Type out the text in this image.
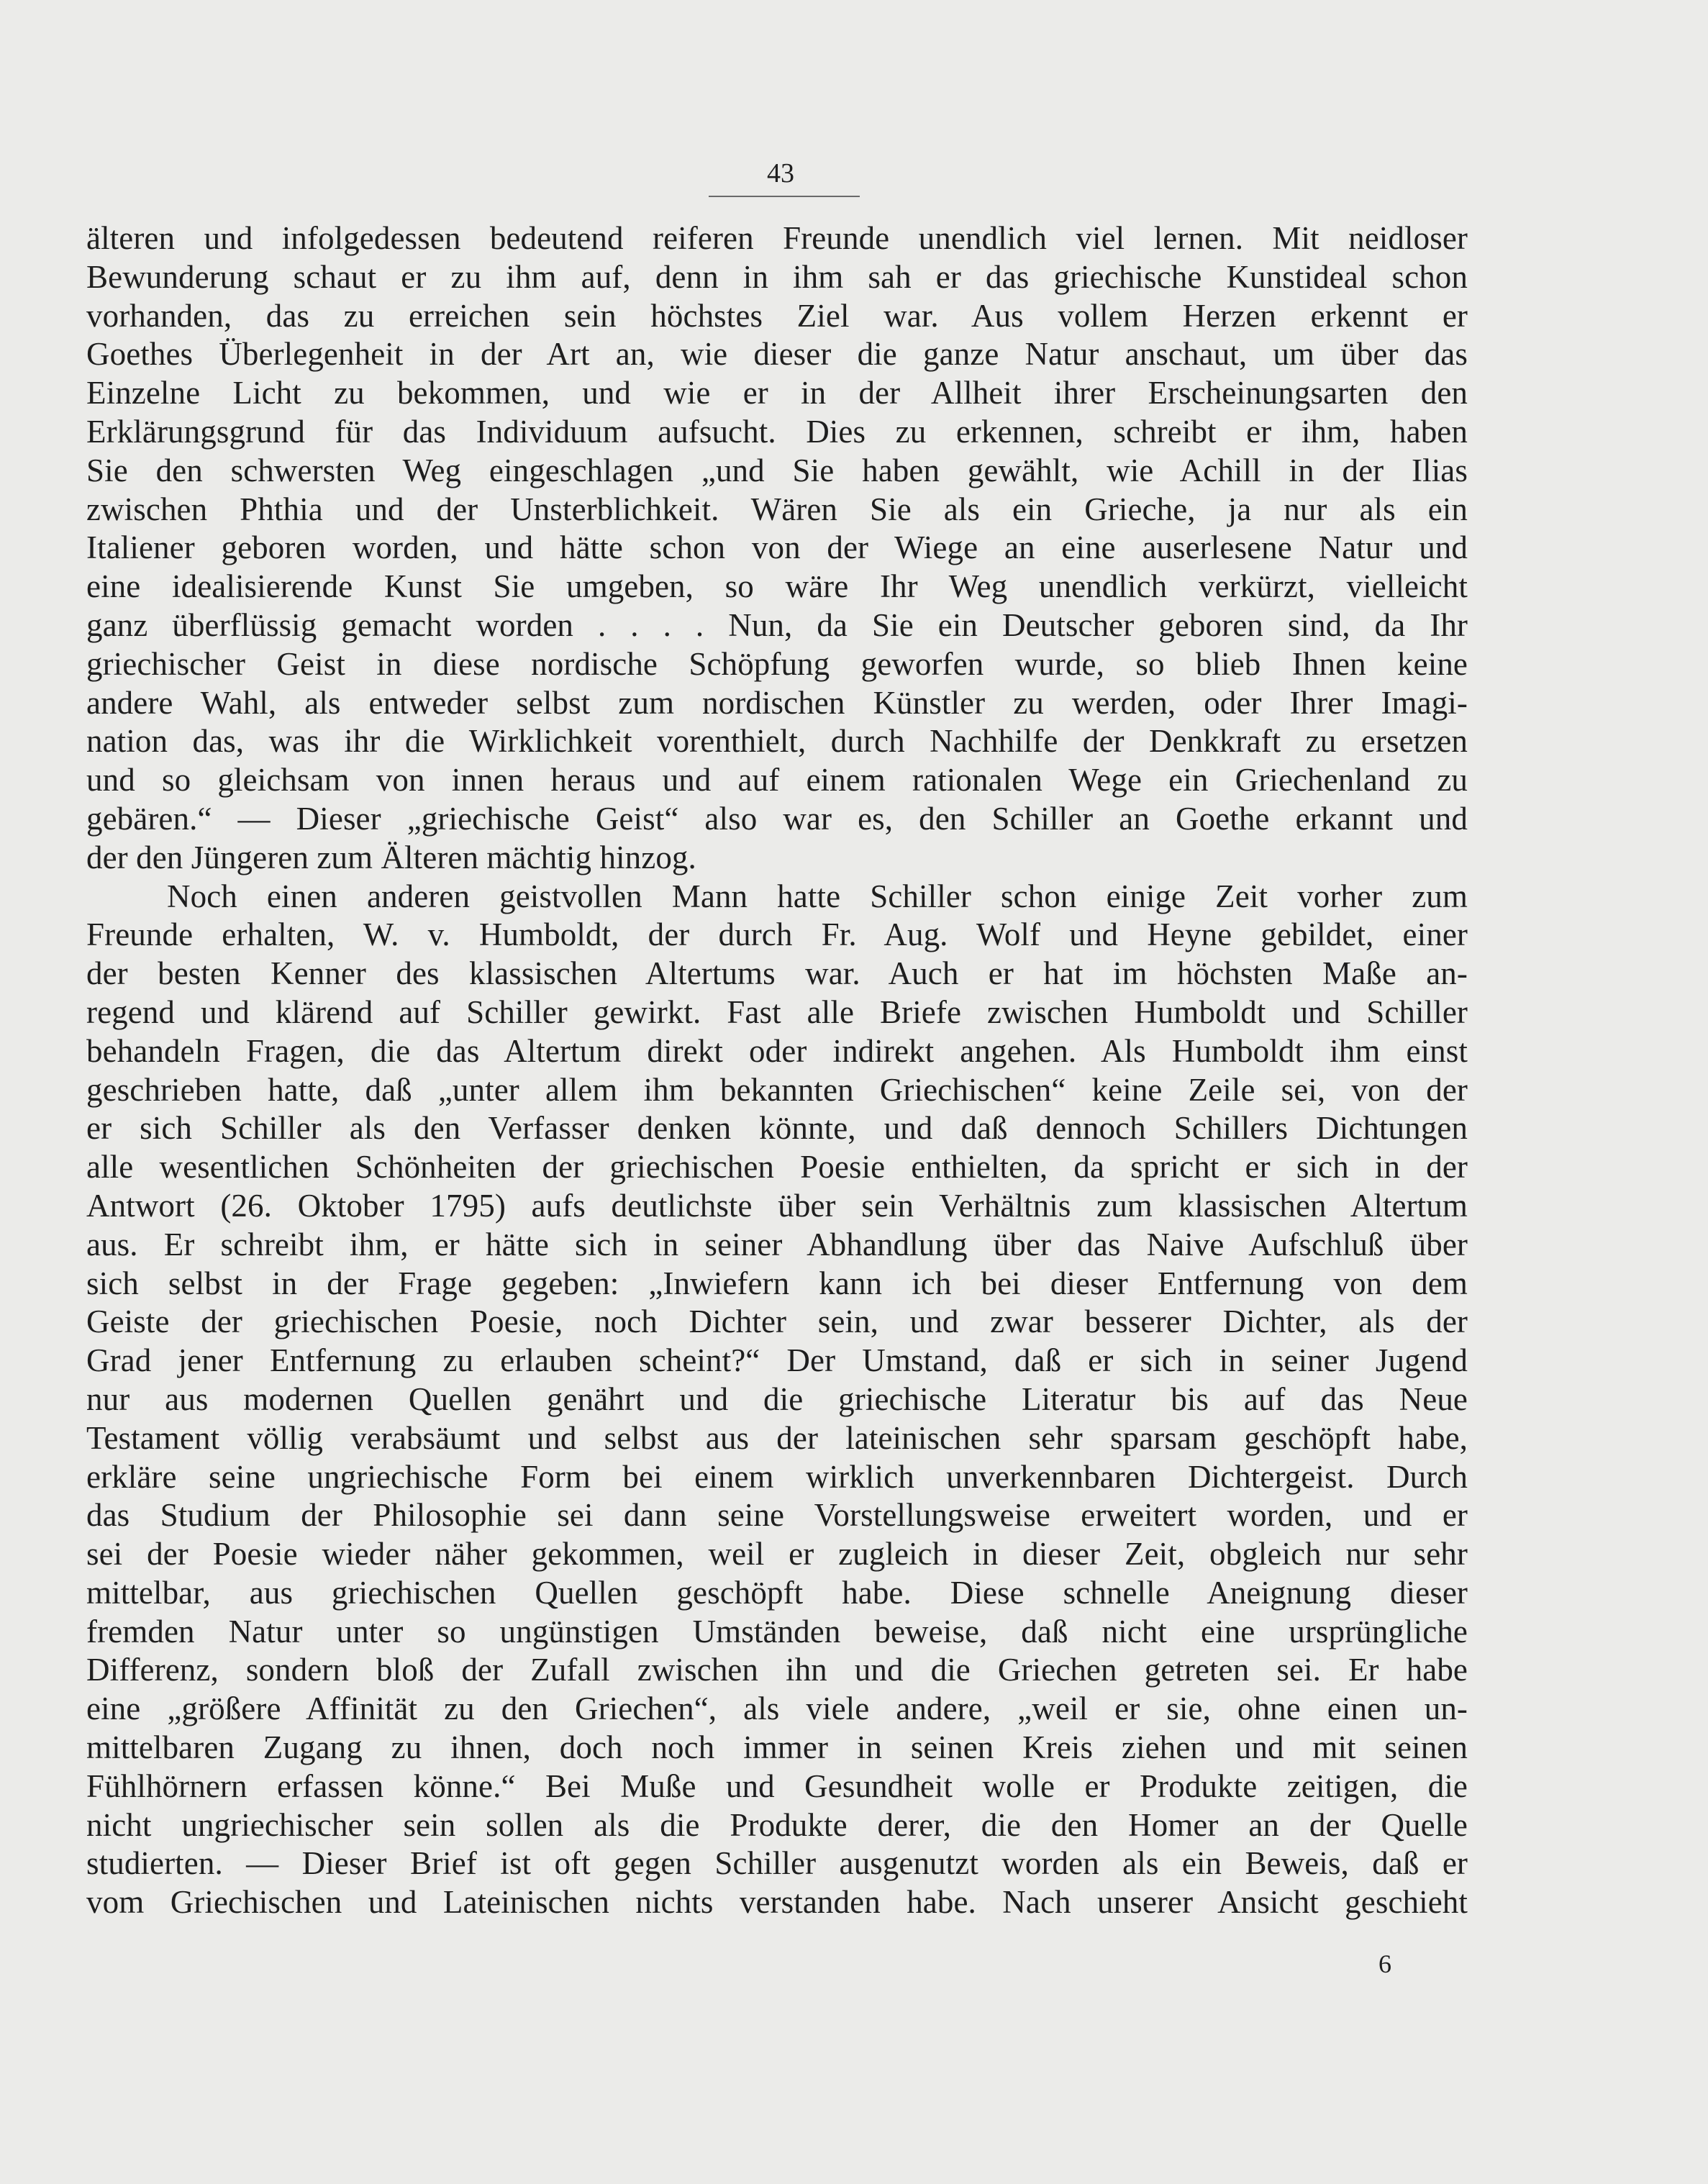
43
älteren und infolgedessen bedeutend reiferen Freunde unendlich viel lernen. Mit neidloser
Bewunderung schaut er zu ihm auf, denn in ihm sah er das griechische Kunstideal schon
vorhanden, das zu erreichen sein höchstes Ziel war. Aus vollem Herzen erkennt er
Goethes Überlegenheit in der Art an, wie dieser die ganze Natur anschaut, um über das
Einzelne Licht zu bekommen, und wie er in der Allheit ihrer Erscheinungsarten den
Erklärungsgrund für das Individuum aufsucht. Dies zu erkennen, schreibt er ihm, haben
Sie den schwersten Weg eingeschlagen „und Sie haben gewählt, wie Achill in der Ilias
zwischen Phthia und der Unsterblichkeit. Wären Sie als ein Grieche, ja nur als ein
Italiener geboren worden, und hätte schon von der Wiege an eine auserlesene Natur und
eine idealisierende Kunst Sie umgeben, so wäre Ihr Weg unendlich verkürzt, vielleicht
ganz überflüssig gemacht worden . . . . Nun, da Sie ein Deutscher geboren sind, da Ihr
griechischer Geist in diese nordische Schöpfung geworfen wurde, so blieb Ihnen keine
andere Wahl, als entweder selbst zum nordischen Künstler zu werden, oder Ihrer Imagi-
nation das, was ihr die Wirklichkeit vorenthielt, durch Nachhilfe der Denkkraft zu ersetzen
und so gleichsam von innen heraus und auf einem rationalen Wege ein Griechenland zu
gebären.“ — Dieser „griechische Geist“ also war es, den Schiller an Goethe erkannt und
der den Jüngeren zum Älteren mächtig hinzog.
Noch einen anderen geistvollen Mann hatte Schiller schon einige Zeit vorher zum
Freunde erhalten, W. v. Humboldt, der durch Fr. Aug. Wolf und Heyne gebildet, einer
der besten Kenner des klassischen Altertums war. Auch er hat im höchsten Maße an-
regend und klärend auf Schiller gewirkt. Fast alle Briefe zwischen Humboldt und Schiller
behandeln Fragen, die das Altertum direkt oder indirekt angehen. Als Humboldt ihm einst
geschrieben hatte, daß „unter allem ihm bekannten Griechischen“ keine Zeile sei, von der
er sich Schiller als den Verfasser denken könnte, und daß dennoch Schillers Dichtungen
alle wesentlichen Schönheiten der griechischen Poesie enthielten, da spricht er sich in der
Antwort (26. Oktober 1795) aufs deutlichste über sein Verhältnis zum klassischen Altertum
aus. Er schreibt ihm, er hätte sich in seiner Abhandlung über das Naive Aufschluß über
sich selbst in der Frage gegeben: „Inwiefern kann ich bei dieser Entfernung von dem
Geiste der griechischen Poesie, noch Dichter sein, und zwar besserer Dichter, als der
Grad jener Entfernung zu erlauben scheint?“ Der Umstand, daß er sich in seiner Jugend
nur aus modernen Quellen genährt und die griechische Literatur bis auf das Neue
Testament völlig verabsäumt und selbst aus der lateinischen sehr sparsam geschöpft habe,
erkläre seine ungriechische Form bei einem wirklich unverkennbaren Dichtergeist. Durch
das Studium der Philosophie sei dann seine Vorstellungsweise erweitert worden, und er
sei der Poesie wieder näher gekommen, weil er zugleich in dieser Zeit, obgleich nur sehr
mittelbar, aus griechischen Quellen geschöpft habe. Diese schnelle Aneignung dieser
fremden Natur unter so ungünstigen Umständen beweise, daß nicht eine ursprüngliche
Differenz, sondern bloß der Zufall zwischen ihn und die Griechen getreten sei. Er habe
eine „größere Affinität zu den Griechen“, als viele andere, „weil er sie, ohne einen un-
mittelbaren Zugang zu ihnen, doch noch immer in seinen Kreis ziehen und mit seinen
Fühlhörnern erfassen könne.“ Bei Muße und Gesundheit wolle er Produkte zeitigen, die
nicht ungriechischer sein sollen als die Produkte derer, die den Homer an der Quelle
studierten. — Dieser Brief ist oft gegen Schiller ausgenutzt worden als ein Beweis, daß er
vom Griechischen und Lateinischen nichts verstanden habe. Nach unserer Ansicht geschieht
6
